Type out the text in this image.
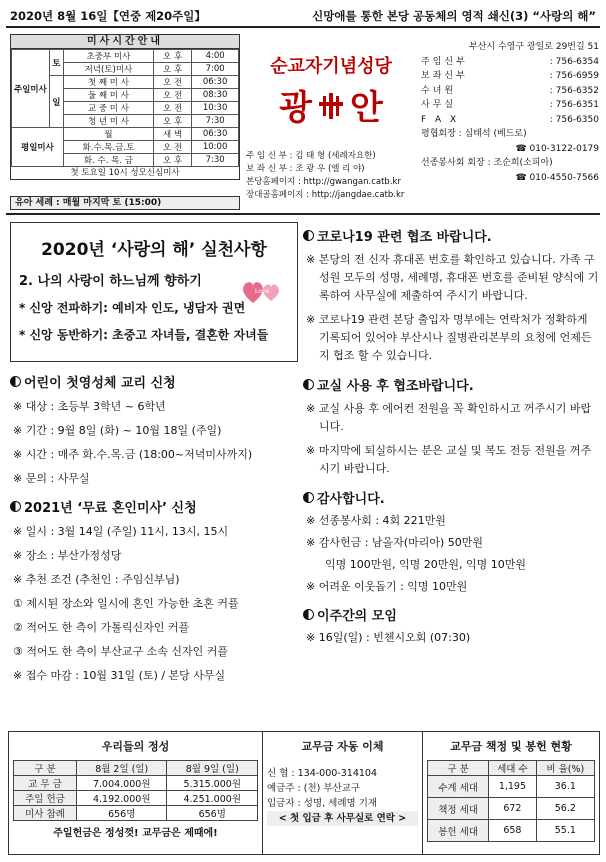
2020년 8월 16일【연중 제20주일】	신망애를 통한 본당 공동체의 영적 쇄신(3) “사랑의 해”
미사시간안내
주일미사	토	초중부 미사	오 후	4:00
		저녁(토)미사	오 후	7:00
	일	첫 째 미 사	오 전	06:30
		둘 째 미 사	오 전	08:30
		교 중 미 사	오 전	10:30
		청 년 미 사	오 후	7:30
평일미사		월	새 벽	06:30
		화.수.목.금.토	오 전	10:00
		화. 수. 목. 금	오 후	7:30
첫 토요일 10시 성모신심미사
유아 세례 : 매월 마지막 토 (15:00)
순교자기념성당
광 안
주 임 신 부 : 김 태 형 (세례자요한)
보 좌 신 부 : 조 광 우 (엘 리 야)
본당홈페이지 : http://gwangan.catb.kr
장대골홈페이지 : http://jangdae.catb.kr
부산시 수영구 광일로 29번길 51
주임신부	: 756-6354
보좌신부	: 756-6959
수녀원	: 756-6352
사무실	: 756-6351
F A X	: 756-6350
평협회장 : 심태석 (베드로)
☎ 010-3122-0179
선종봉사회 회장 : 조순희(소피아)
☎ 010-4550-7566
2020년 ‘사랑의 해’ 실천사항
2. 나의 사랑이 하느님께 향하기
Love
* 신앙 전파하기: 예비자 인도, 냉담자 권면
* 신앙 동반하기: 초중고 자녀들, 결혼한 자녀들
어린이 첫영성체 교리 신청
※ 대상 : 초등부 3학년 ~ 6학년
※ 기간 : 9월 8일 (화) ~ 10월 18일 (주일)
※ 시간 : 매주 화.수.목.금 (18:00~저녁미사까지)
※ 문의 : 사무실
2021년 ‘무료 혼인미사’ 신청
※ 일시 : 3월 14일 (주일) 11시, 13시, 15시
※ 장소 : 부산가정성당
※ 추천 조건 (추천인 : 주임신부님)
① 제시된 장소와 일시에 혼인 가능한 초혼 커플
② 적어도 한 측이 가톨릭신자인 커플
③ 적어도 한 측이 부산교구 소속 신자인 커플
※ 접수 마감 : 10월 31일 (토) / 본당 사무실
코로나19 관련 협조 바랍니다.
※ 본당의 전 신자 휴대폰 번호를 확인하고 있습니다. 가족 구성원 모두의 성명, 세례명, 휴대폰 번호를 준비된 양식에 기록하여 사무실에 제출하여 주시기 바랍니다.
※ 코로나19 관련 본당 출입자 명부에는 연락처가 정확하게 기록되어 있어야 부산시나 질병관리본부의 요청에 언제든지 협조 할 수 있습니다.
교실 사용 후 협조바랍니다.
※ 교실 사용 후 에어컨 전원을 꼭 확인하시고 꺼주시기 바랍니다.
※ 마지막에 퇴실하시는 분은 교실 및 복도 전등 전원을 꺼주시기 바랍니다.
감사합니다.
※ 선종봉사회 : 4회 221만원
※ 감사헌금 : 남올자(마리아) 50만원
익명 100만원, 익명 20만원, 익명 10만원
※ 어려운 이웃돕기 : 익명 10만원
이주간의 모임
※ 16일(일) : 빈첸시오회 (07:30)
우리들의 정성
구 분	8월 2일 (일)	8월 9일 (일)
교 무 금	7.004.000원	5.315.000원
주일 헌금	4.192.000원	4.251.000원
미사 참례	656명	656명
주일헌금은 정성껏! 교무금은 제때에!
교무금 자동 이체
신 협 : 134-000-314104
예금주 : (천) 부산교구
입금자 : 성명, 세례명 기재
< 첫 입금 후 사무실로 연락 >
교무금 책정 및 봉헌 현황
구 분	세대 수	비 율(%)
수계 세대	1,195	36.1
책정 세대	672	56.2
봉헌 세대	658	55.1
